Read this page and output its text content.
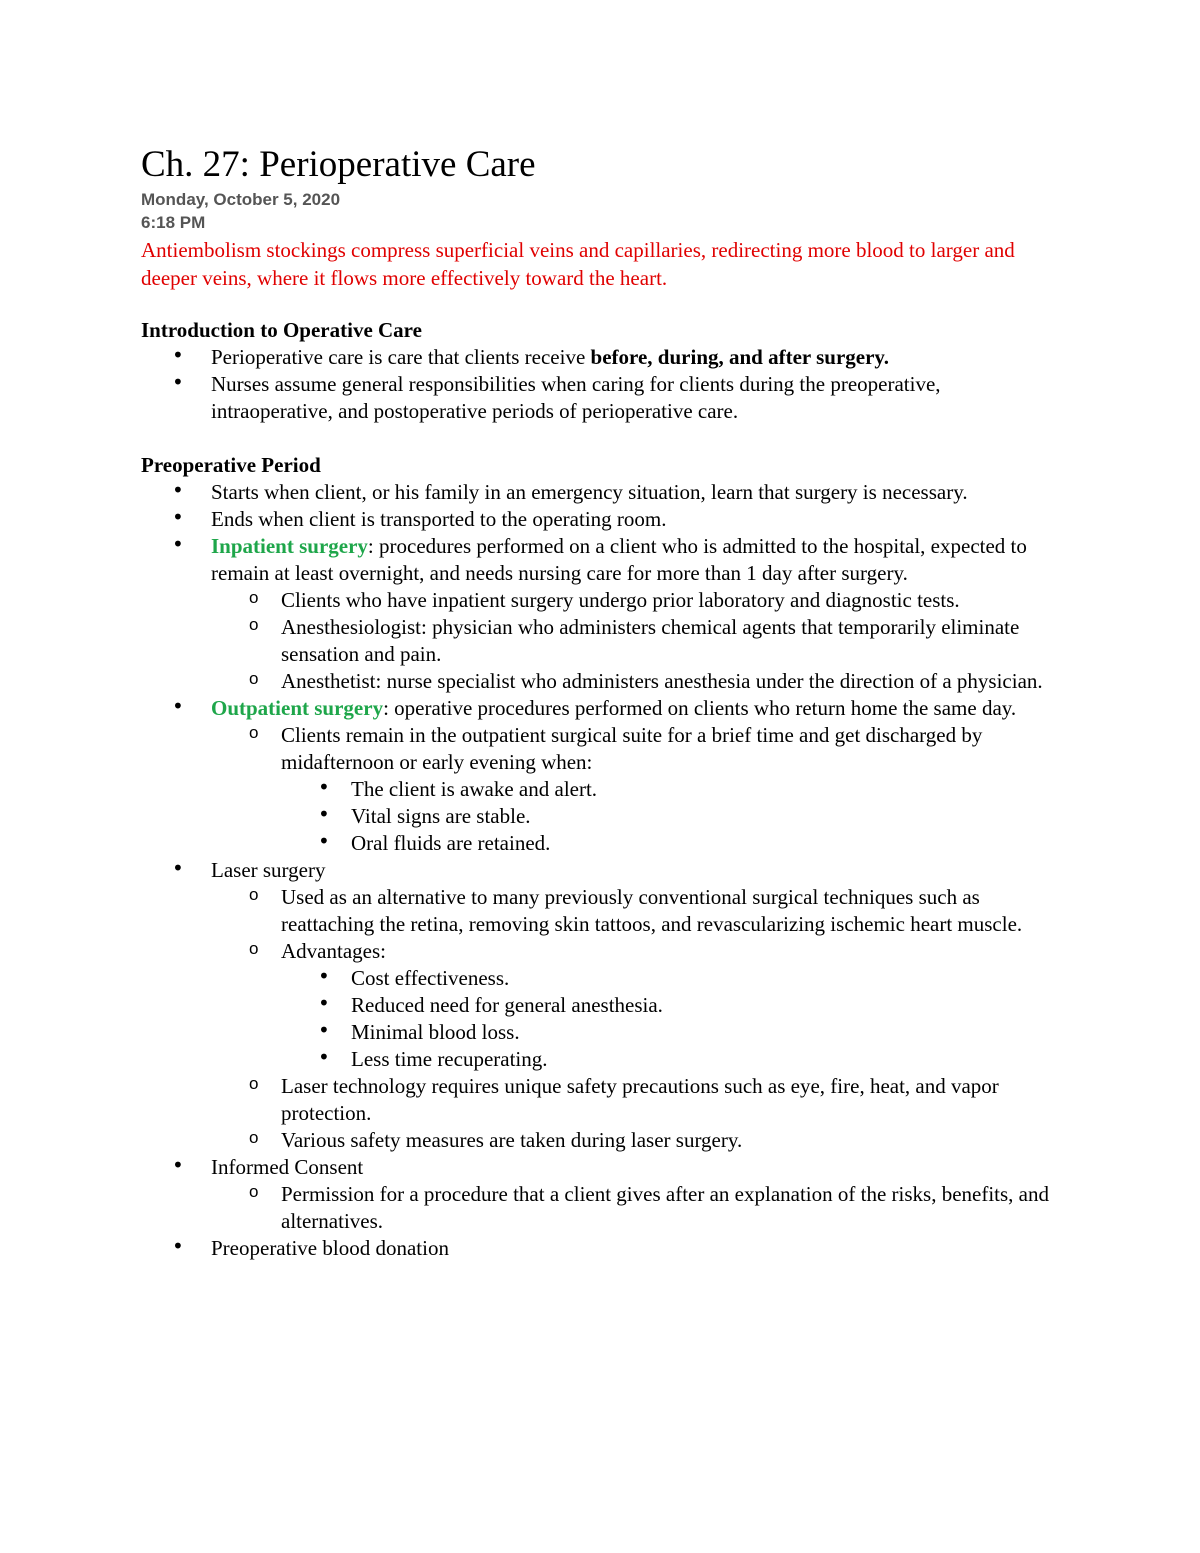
Ch. 27: Perioperative Care
Monday, October 5, 2020
6:18 PM
Antiembolism stockings compress superficial veins and capillaries, redirecting more blood to larger and deeper veins, where it flows more effectively toward the heart.
Introduction to Operative Care
• Perioperative care is care that clients receive before, during, and after surgery.
• Nurses assume general responsibilities when caring for clients during the preoperative, intraoperative, and postoperative periods of perioperative care.
Preoperative Period
• Starts when client, or his family in an emergency situation, learn that surgery is necessary.
• Ends when client is transported to the operating room.
• Inpatient surgery: procedures performed on a client who is admitted to the hospital, expected to remain at least overnight, and needs nursing care for more than 1 day after surgery.
o Clients who have inpatient surgery undergo prior laboratory and diagnostic tests.
o Anesthesiologist: physician who administers chemical agents that temporarily eliminate sensation and pain.
o Anesthetist: nurse specialist who administers anesthesia under the direction of a physician.
• Outpatient surgery: operative procedures performed on clients who return home the same day.
o Clients remain in the outpatient surgical suite for a brief time and get discharged by midafternoon or early evening when:
• The client is awake and alert.
• Vital signs are stable.
• Oral fluids are retained.
• Laser surgery
o Used as an alternative to many previously conventional surgical techniques such as reattaching the retina, removing skin tattoos, and revascularizing ischemic heart muscle.
o Advantages:
• Cost effectiveness.
• Reduced need for general anesthesia.
• Minimal blood loss.
• Less time recuperating.
o Laser technology requires unique safety precautions such as eye, fire, heat, and vapor protection.
o Various safety measures are taken during laser surgery.
• Informed Consent
o Permission for a procedure that a client gives after an explanation of the risks, benefits, and alternatives.
• Preoperative blood donation
